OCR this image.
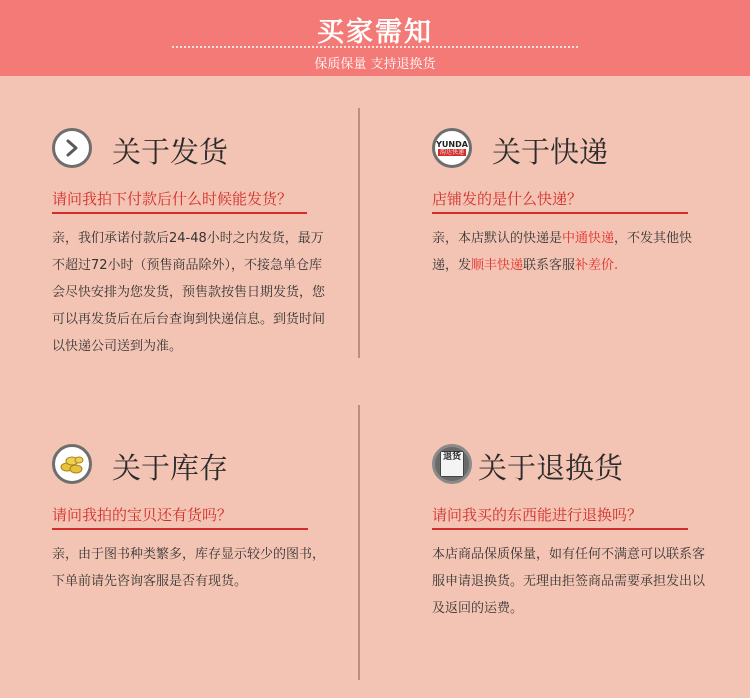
买家需知
保质保量 支持退换货
关于发货
请问我拍下付款后什么时候能发货？
亲，我们承诺付款后24-48小时之内发货，最万不超过72小时（预售商品除外），不接急单仓库会尽快安排为您发货，预售款按售日期发货，您可以再发货后在后台查询到快递信息。到货时间以快递公司送到为准。
YUNDA
韵达快递 关于快递
店铺发的是什么快递？
亲，本店默认的快递是中通快递，不发其他快递，发顺丰快递联系客服补差价.
关于库存
请问我拍的宝贝还有货吗？
亲，由于图书种类繁多，库存显示较少的图书，下单前请先咨询客服是否有现货。
退货 关于退换货
请问我买的东西能进行退换吗？
本店商品保质保量，如有任何不满意可以联系客服申请退换货。无理由拒签商品需要承担发出以及返回的运费。
